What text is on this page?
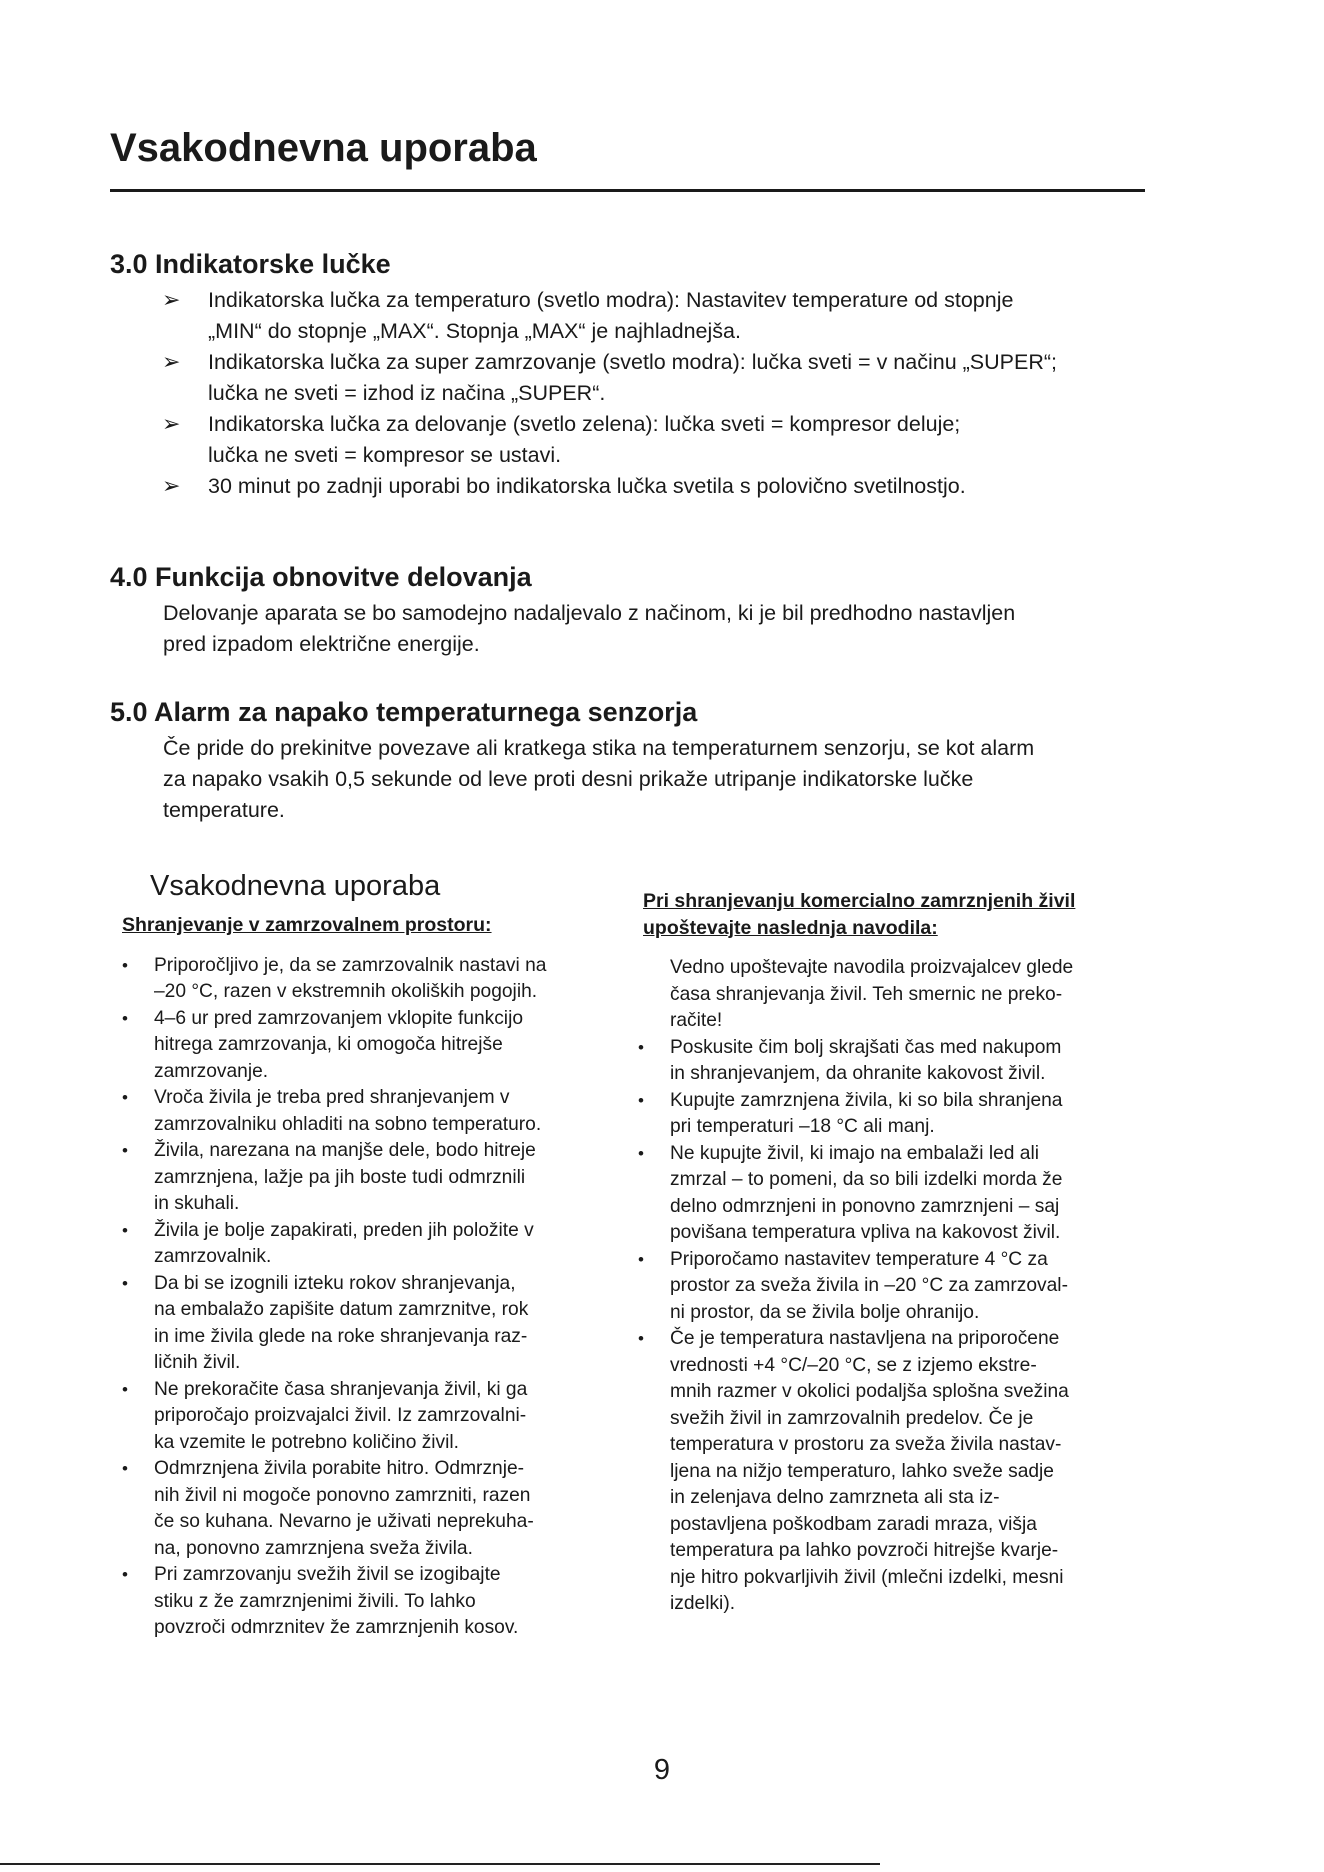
Vsakodnevna uporaba
3.0 Indikatorske lučke
➢ Indikatorska lučka za temperaturo (svetlo modra): Nastavitev temperature od stopnje
„MIN“ do stopnje „MAX“. Stopnja „MAX“ je najhladnejša.
➢ Indikatorska lučka za super zamrzovanje (svetlo modra): lučka sveti = v načinu „SUPER“;
lučka ne sveti = izhod iz načina „SUPER“.
➢ Indikatorska lučka za delovanje (svetlo zelena): lučka sveti = kompresor deluje;
lučka ne sveti = kompresor se ustavi.
➢ 30 minut po zadnji uporabi bo indikatorska lučka svetila s polovično svetilnostjo.
4.0 Funkcija obnovitve delovanja
Delovanje aparata se bo samodejno nadaljevalo z načinom, ki je bil predhodno nastavljen
pred izpadom električne energije.
5.0 Alarm za napako temperaturnega senzorja
Če pride do prekinitve povezave ali kratkega stika na temperaturnem senzorju, se kot alarm
za napako vsakih 0,5 sekunde od leve proti desni prikaže utripanje indikatorske lučke
temperature.
Vsakodnevna uporaba
Shranjevanje v zamrzovalnem prostoru:
• Priporočljivo je, da se zamrzovalnik nastavi na
–20 °C, razen v ekstremnih okoliških pogojih.
• 4–6 ur pred zamrzovanjem vklopite funkcijo
hitrega zamrzovanja, ki omogoča hitrejše
zamrzovanje.
• Vroča živila je treba pred shranjevanjem v
zamrzovalniku ohladiti na sobno temperaturo.
• Živila, narezana na manjše dele, bodo hitreje
zamrznjena, lažje pa jih boste tudi odmrznili
in skuhali.
• Živila je bolje zapakirati, preden jih položite v
zamrzovalnik.
• Da bi se izognili izteku rokov shranjevanja,
na embalažo zapišite datum zamrznitve, rok
in ime živila glede na roke shranjevanja raz-
ličnih živil.
• Ne prekoračite časa shranjevanja živil, ki ga
priporočajo proizvajalci živil. Iz zamrzovalni-
ka vzemite le potrebno količino živil.
• Odmrznjena živila porabite hitro. Odmrznje-
nih živil ni mogoče ponovno zamrzniti, razen
če so kuhana. Nevarno je uživati neprekuha-
na, ponovno zamrznjena sveža živila.
• Pri zamrzovanju svežih živil se izogibajte
stiku z že zamrznjenimi živili. To lahko
povzroči odmrznitev že zamrznjenih kosov.
Pri shranjevanju komercialno zamrznjenih živil
upoštevajte naslednja navodila:
Vedno upoštevajte navodila proizvajalcev glede
časa shranjevanja živil. Teh smernic ne preko-
račite!
• Poskusite čim bolj skrajšati čas med nakupom
in shranjevanjem, da ohranite kakovost živil.
• Kupujte zamrznjena živila, ki so bila shranjena
pri temperaturi –18 °C ali manj.
• Ne kupujte živil, ki imajo na embalaži led ali
zmrzal – to pomeni, da so bili izdelki morda že
delno odmrznjeni in ponovno zamrznjeni – saj
povišana temperatura vpliva na kakovost živil.
• Priporočamo nastavitev temperature 4 °C za
prostor za sveža živila in –20 °C za zamrzoval-
ni prostor, da se živila bolje ohranijo.
• Če je temperatura nastavljena na priporočene
vrednosti +4 °C/–20 °C, se z izjemo ekstre-
mnih razmer v okolici podaljša splošna svežina
svežih živil in zamrzovalnih predelov. Če je
temperatura v prostoru za sveža živila nastav-
ljena na nižjo temperaturo, lahko sveže sadje
in zelenjava delno zamrzneta ali sta iz-
postavljena poškodbam zaradi mraza, višja
temperatura pa lahko povzroči hitrejše kvarje-
nje hitro pokvarljivih živil (mlečni izdelki, mesni
izdelki).
9
